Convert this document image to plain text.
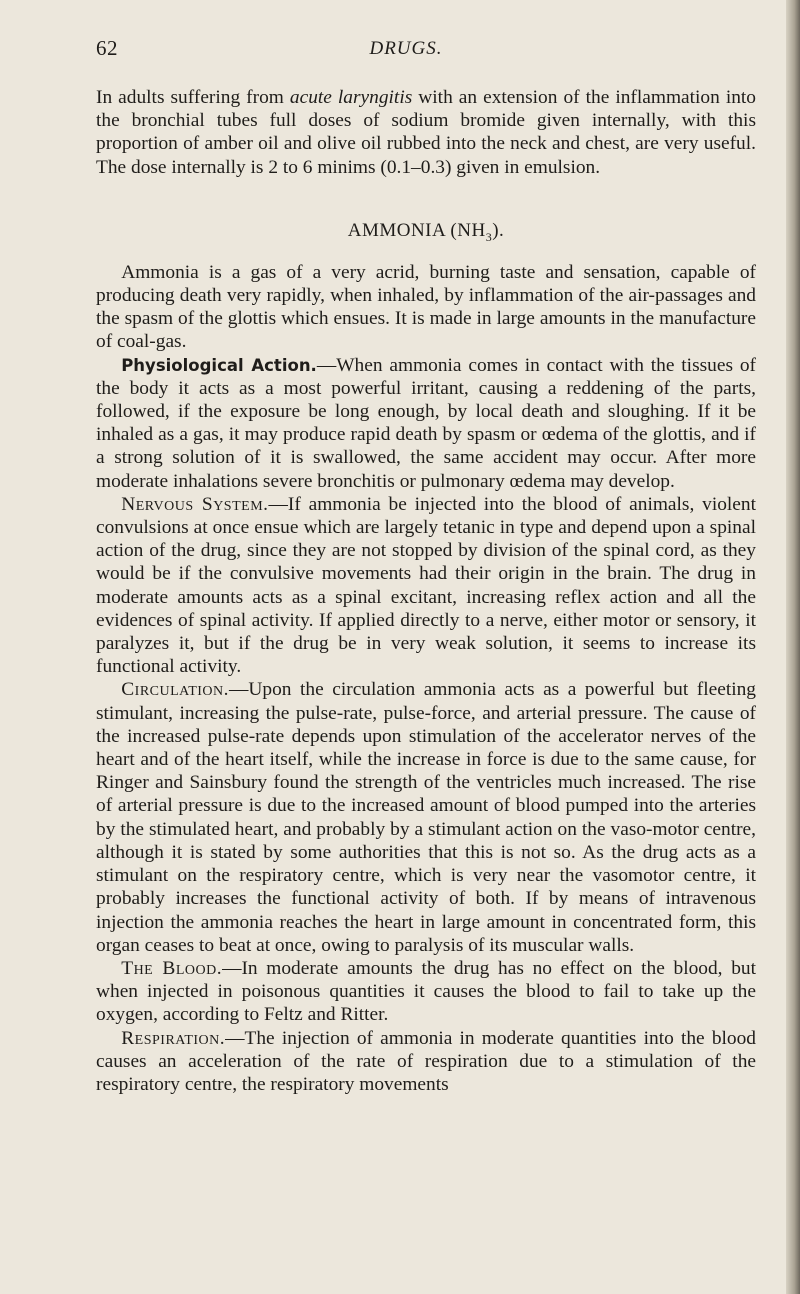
62	DRUGS.

In adults suffering from acute laryngitis with an extension of the inflammation into the bronchial tubes full doses of sodium bromide given internally, with this proportion of amber oil and olive oil rubbed into the neck and chest, are very useful. The dose internally is 2 to 6 minims (0.1–0.3) given in emulsion.

AMMONIA $(NH_3)$.

Ammonia is a gas of a very acrid, burning taste and sensation, capable of producing death very rapidly, when inhaled, by inflammation of the air-passages and the spasm of the glottis which ensues. It is made in large amounts in the manufacture of coal-gas.

Physiological Action.—When ammonia comes in contact with the tissues of the body it acts as a most powerful irritant, causing a reddening of the parts, followed, if the exposure be long enough, by local death and sloughing. If it be inhaled as a gas, it may produce rapid death by spasm or œdema of the glottis, and if a strong solution of it is swallowed, the same accident may occur. After more moderate inhalations severe bronchitis or pulmonary œdema may develop.

Nervous System.—If ammonia be injected into the blood of animals, violent convulsions at once ensue which are largely tetanic in type and depend upon a spinal action of the drug, since they are not stopped by division of the spinal cord, as they would be if the convulsive movements had their origin in the brain. The drug in moderate amounts acts as a spinal excitant, increasing reflex action and all the evidences of spinal activity. If applied directly to a nerve, either motor or sensory, it paralyzes it, but if the drug be in very weak solution, it seems to increase its functional activity.

Circulation.—Upon the circulation ammonia acts as a powerful but fleeting stimulant, increasing the pulse-rate, pulse-force, and arterial pressure. The cause of the increased pulse-rate depends upon stimulation of the accelerator nerves of the heart and of the heart itself, while the increase in force is due to the same cause, for Ringer and Sainsbury found the strength of the ventricles much increased. The rise of arterial pressure is due to the increased amount of blood pumped into the arteries by the stimulated heart, and probably by a stimulant action on the vaso-motor centre, although it is stated by some authorities that this is not so. As the drug acts as a stimulant on the respiratory centre, which is very near the vasomotor centre, it probably increases the functional activity of both. If by means of intravenous injection the ammonia reaches the heart in large amount in concentrated form, this organ ceases to beat at once, owing to paralysis of its muscular walls.

The Blood.—In moderate amounts the drug has no effect on the blood, but when injected in poisonous quantities it causes the blood to fail to take up the oxygen, according to Feltz and Ritter.

Respiration.—The injection of ammonia in moderate quantities into the blood causes an acceleration of the rate of respiration due to a stimulation of the respiratory centre, the respiratory movements
